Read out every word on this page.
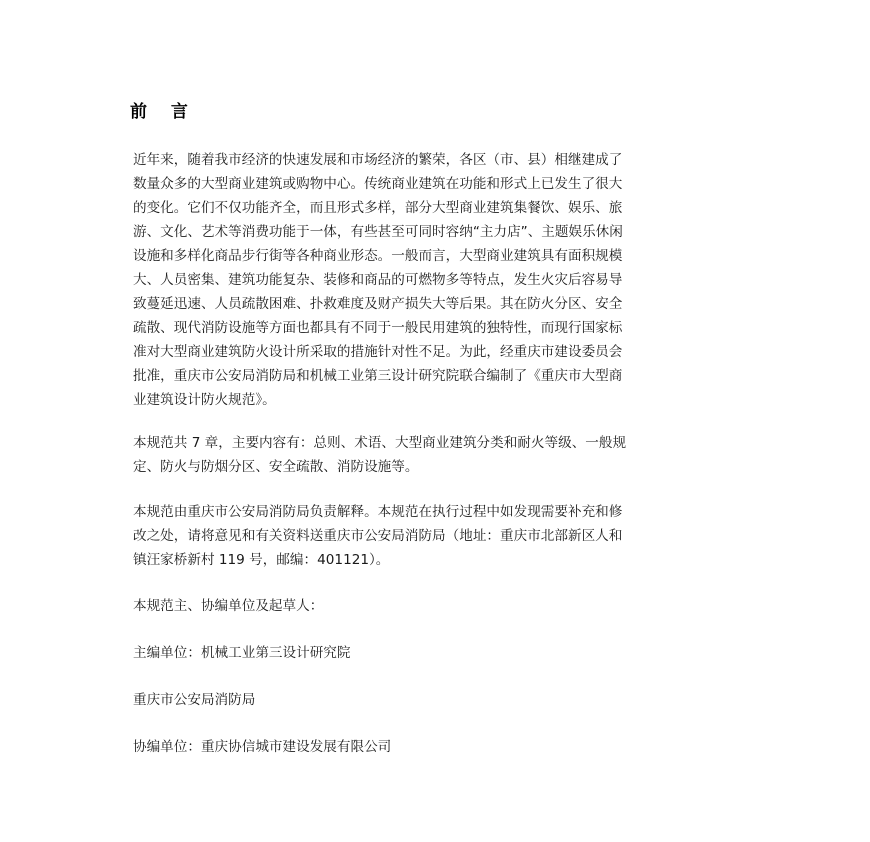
前 言
近年来，随着我市经济的快速发展和市场经济的繁荣，各区（市、县）相继建成了
数量众多的大型商业建筑或购物中心。传统商业建筑在功能和形式上已发生了很大
的变化。它们不仅功能齐全，而且形式多样，部分大型商业建筑集餐饮、娱乐、旅
游、文化、艺术等消费功能于一体，有些甚至可同时容纳“主力店”、主题娱乐休闲
设施和多样化商品步行街等各种商业形态。一般而言，大型商业建筑具有面积规模
大、人员密集、建筑功能复杂、装修和商品的可燃物多等特点，发生火灾后容易导
致蔓延迅速、人员疏散困难、扑救难度及财产损失大等后果。其在防火分区、安全
疏散、现代消防设施等方面也都具有不同于一般民用建筑的独特性，而现行国家标
准对大型商业建筑防火设计所采取的措施针对性不足。为此，经重庆市建设委员会
批准，重庆市公安局消防局和机械工业第三设计研究院联合编制了《重庆市大型商
业建筑设计防火规范》。
本规范共 7 章，主要内容有：总则、术语、大型商业建筑分类和耐火等级、一般规
定、防火与防烟分区、安全疏散、消防设施等。
本规范由重庆市公安局消防局负责解释。本规范在执行过程中如发现需要补充和修
改之处，请将意见和有关资料送重庆市公安局消防局（地址：重庆市北部新区人和
镇汪家桥新村 119 号，邮编：401121）。
本规范主、协编单位及起草人：
主编单位：机械工业第三设计研究院
重庆市公安局消防局
协编单位：重庆协信城市建设发展有限公司
